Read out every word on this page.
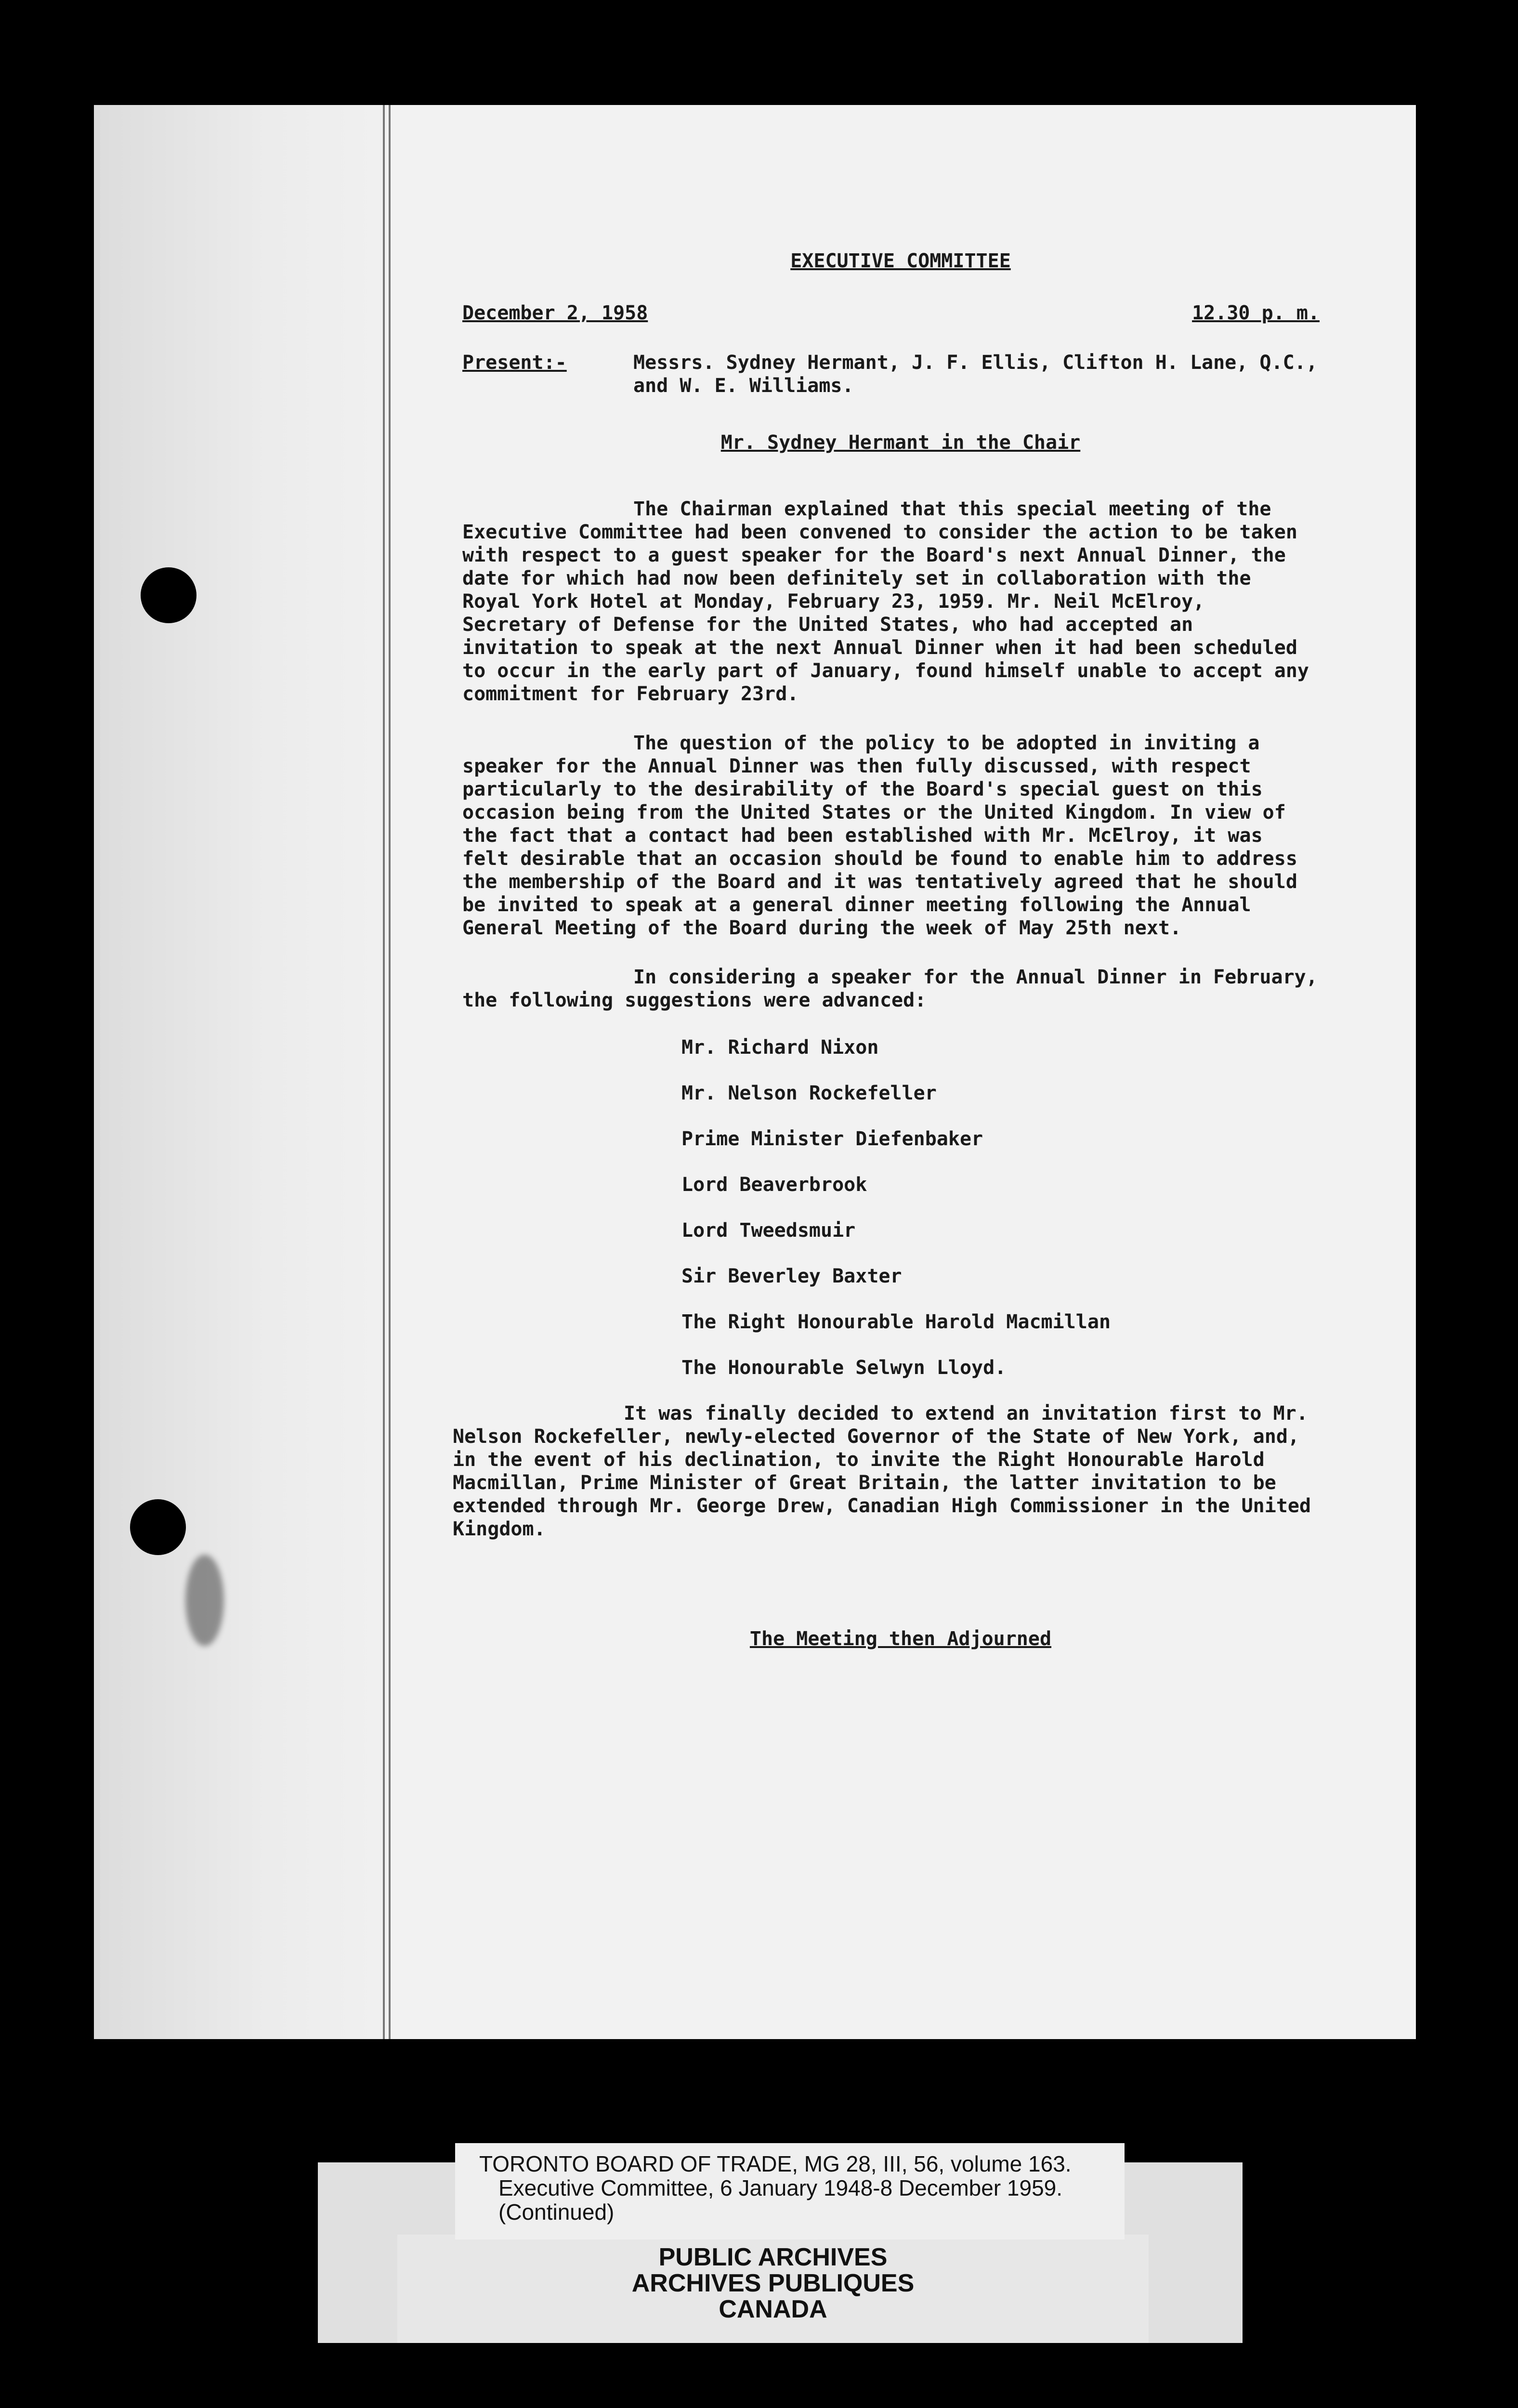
EXECUTIVE COMMITTEE
December 2, 1958	12.30 p. m.
Present:-	Messrs. Sydney Hermant, J. F. Ellis, Clifton H. Lane, Q.C., and W. E. Williams.
Mr. Sydney Hermant in the Chair

The Chairman explained that this special meeting of the Executive Committee had been convened to consider the action to be taken with respect to a guest speaker for the Board's next Annual Dinner, the date for which had now been definitely set in collaboration with the Royal York Hotel at Monday, February 23, 1959. Mr. Neil McElroy, Secretary of Defense for the United States, who had accepted an invitation to speak at the next Annual Dinner when it had been scheduled to occur in the early part of January, found himself unable to accept any commitment for February 23rd.

The question of the policy to be adopted in inviting a speaker for the Annual Dinner was then fully discussed, with respect particularly to the desirability of the Board's special guest on this occasion being from the United States or the United Kingdom. In view of the fact that a contact had been established with Mr. McElroy, it was felt desirable that an occasion should be found to enable him to address the membership of the Board and it was tentatively agreed that he should be invited to speak at a general dinner meeting following the Annual General Meeting of the Board during the week of May 25th next.

In considering a speaker for the Annual Dinner in February, the following suggestions were advanced:

Mr. Richard Nixon
Mr. Nelson Rockefeller
Prime Minister Diefenbaker
Lord Beaverbrook
Lord Tweedsmuir
Sir Beverley Baxter
The Right Honourable Harold Macmillan
The Honourable Selwyn Lloyd.

It was finally decided to extend an invitation first to Mr. Nelson Rockefeller, newly-elected Governor of the State of New York, and, in the event of his declination, to invite the Right Honourable Harold Macmillan, Prime Minister of Great Britain, the latter invitation to be extended through Mr. George Drew, Canadian High Commissioner in the United Kingdom.

The Meeting then Adjourned
PUBLIC ARCHIVES
ARCHIVES PUBLIQUES
CANADA
TORONTO BOARD OF TRADE, MG 28, III, 56, volume 163.
Executive Committee, 6 January 1948-8 December 1959.
(Continued)
